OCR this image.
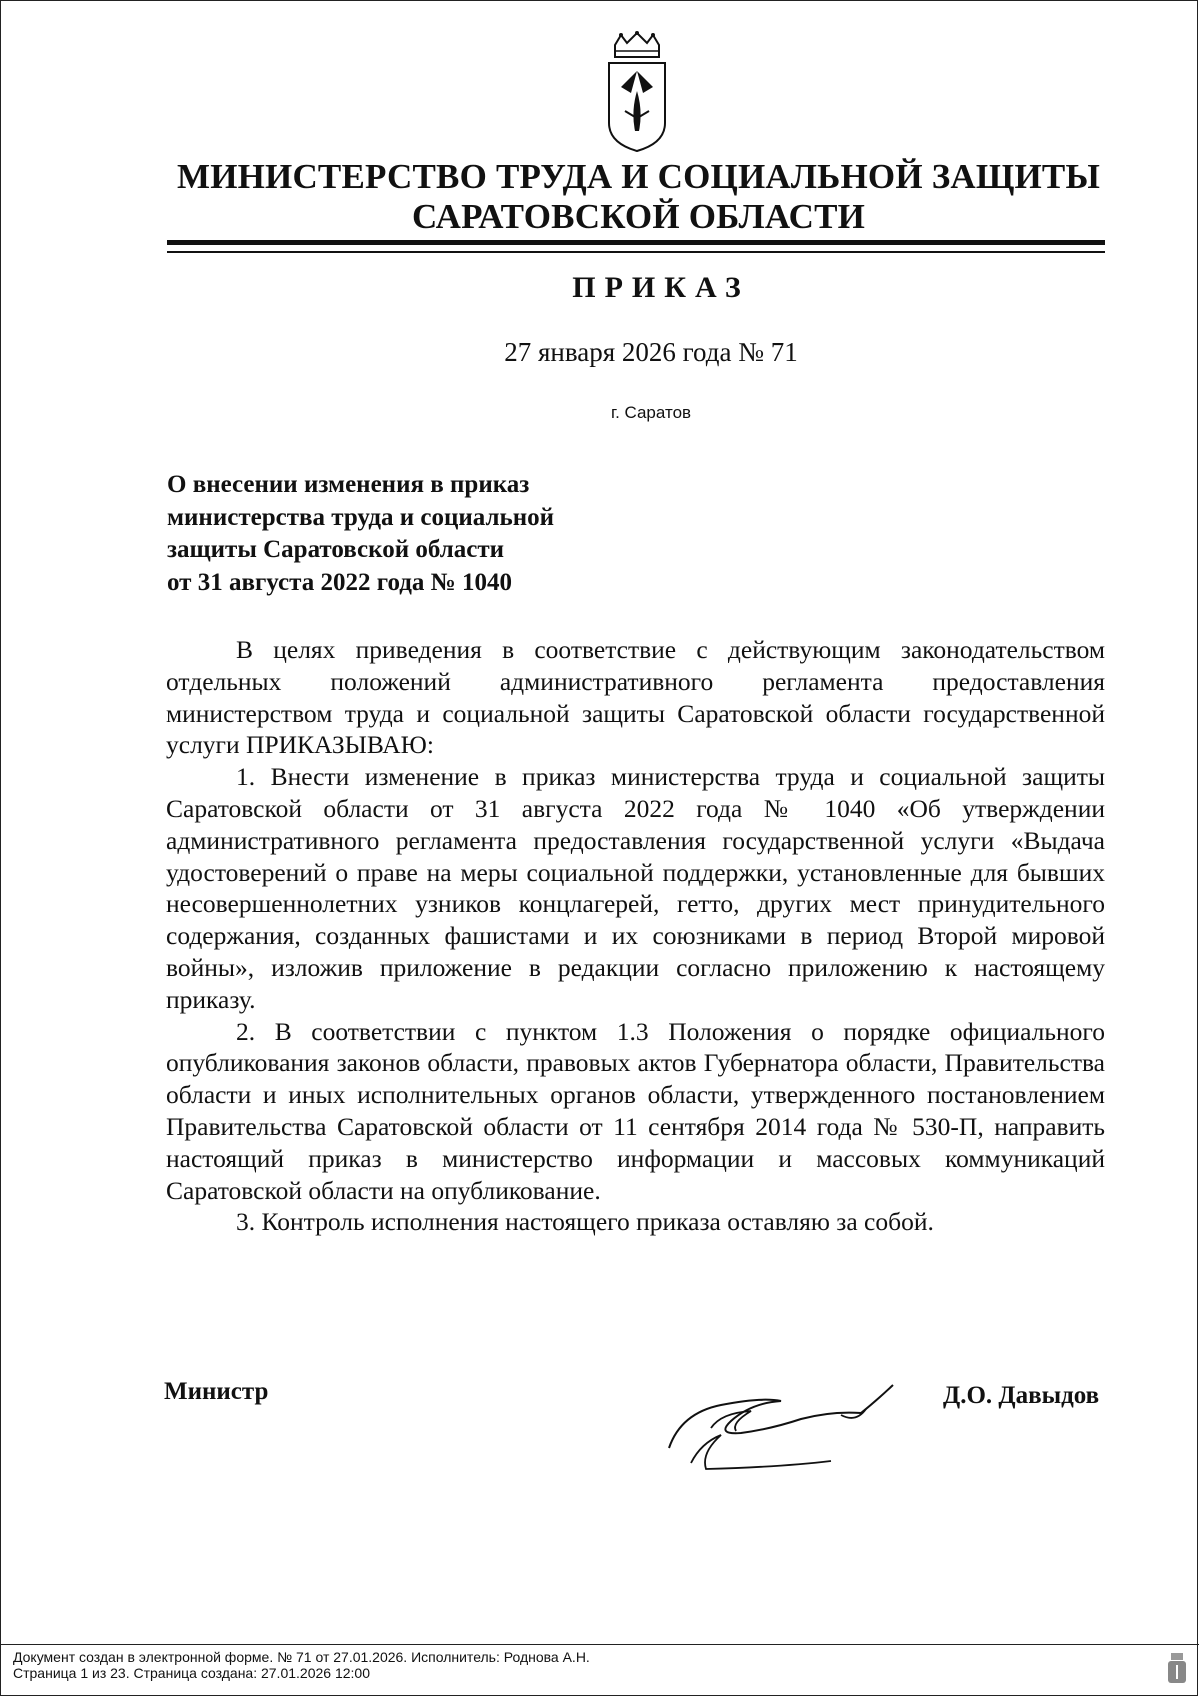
МИНИСТЕРСТВО ТРУДА И СОЦИАЛЬНОЙ ЗАЩИТЫ
САРАТОВСКОЙ ОБЛАСТИ
ПРИКАЗ
27 января 2026 года № 71
г. Саратов
О внесении изменения в приказ
министерства труда и социальной
защиты Саратовской области
от 31 августа 2022 года № 1040

В целях приведения в соответствие с действующим законодательством отдельных положений административного регламента предоставления министерством труда и социальной защиты Саратовской области государственной услуги ПРИКАЗЫВАЮ:

1. Внести изменение в приказ министерства труда и социальной защиты Саратовской области от 31 августа 2022 года № 1040 «Об утверждении административного регламента предоставления государственной услуги «Выдача удостоверений о праве на меры социальной поддержки, установленные для бывших несовершеннолетних узников концлагерей, гетто, других мест принудительного содержания, созданных фашистами и их союзниками в период Второй мировой войны», изложив приложение в редакции согласно приложению к настоящему приказу.

2. В соответствии с пунктом 1.3 Положения о порядке официального опубликования законов области, правовых актов Губернатора области, Правительства области и иных исполнительных органов области, утвержденного постановлением Правительства Саратовской области от 11 сентября 2014 года № 530-П, направить настоящий приказ в министерство информации и массовых коммуникаций Саратовской области на опубликование.

3. Контроль исполнения настоящего приказа оставляю за собой.

Министр	Д.О. Давыдов
Документ создан в электронной форме. № 71 от 27.01.2026. Исполнитель: Роднова А.Н.
Страница 1 из 23. Страница создана: 27.01.2026 12:00
